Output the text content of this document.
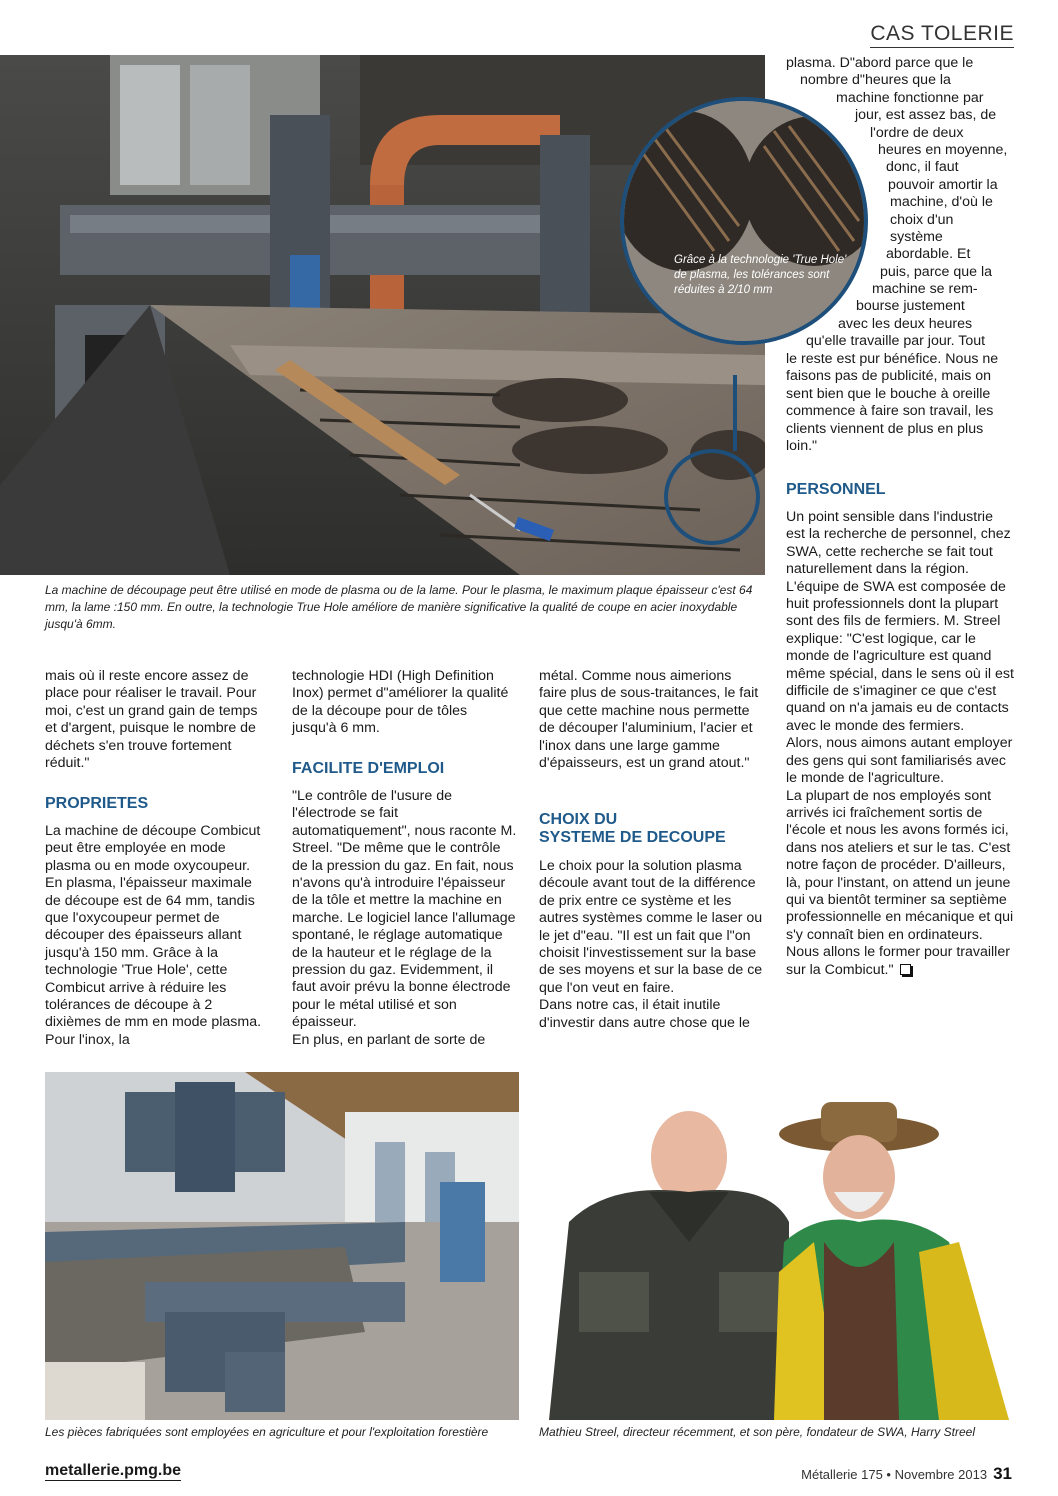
CAS TOLERIE
Grâce à la technologie 'True Hole'
de plasma, les tolérances sont
réduites à 2/10 mm
La machine de découpage peut être utilisé en mode de plasma ou de la lame. Pour le plasma, le maximum plaque épaisseur c'est 64 mm, la lame :150 mm. En outre, la technologie True Hole améliore de manière significative la qualité de coupe en acier inoxydable jusqu'à 6mm.

mais où il reste encore assez de place pour réaliser le travail. Pour moi, c'est un grand gain de temps et d'argent, puisque le nombre de déchets s'en trouve fortement réduit."

PROPRIETES

La machine de découpe Combicut peut être employée en mode plasma ou en mode oxycoupeur. En plasma, l'épaisseur maximale de découpe est de 64 mm, tandis que l'oxycoupeur permet de découper des épaisseurs allant jusqu'à 150 mm. Grâce à la technologie 'True Hole', cette Combicut arrive à réduire les tolérances de découpe à 2 dixièmes de mm en mode plasma. Pour l'inox, la

technologie HDI (High Definition Inox) permet d"améliorer la qualité de la découpe pour de tôles jusqu'à 6 mm.

FACILITE D'EMPLOI

"Le contrôle de l'usure de l'électrode se fait automatiquement", nous raconte M. Streel. "De même que le contrôle de la pression du gaz. En fait, nous n'avons qu'à introduire l'épaisseur de la tôle et mettre la machine en marche. Le logiciel lance l'allumage spontané, le réglage automatique de la hauteur et le réglage de la pression du gaz. Evidemment, il faut avoir prévu la bonne électrode pour le métal utilisé et son épaisseur.

En plus, en parlant de sorte de

métal. Comme nous aimerions faire plus de sous-traitances, le fait que cette machine nous permette de découper l'aluminium, l'acier et l'inox dans une large gamme d'épaisseurs, est un grand atout."

CHOIX DU
SYSTEME DE DECOUPE

Le choix pour la solution plasma découle avant tout de la différence de prix entre ce système et les autres systèmes comme le laser ou le jet d"eau. "Il est un fait que l"on choisit l'investissement sur la base de ses moyens et sur la base de ce que l'on veut en faire.

Dans notre cas, il était inutile d'investir dans autre chose que le

plasma. D"abord parce que le
nombre d"heures que la
machine fonctionne par
jour, est assez bas, de
l'ordre de deux
heures en moyenne,
donc, il faut
pouvoir amortir la
machine, d'où le
choix d'un
système
abordable. Et
puis, parce que la
machine se rem-
bourse justement
avec les deux heures
qu'elle travaille par jour. Tout

le reste est pur bénéfice. Nous ne faisons pas de publicité, mais on sent bien que le bouche à oreille commence à faire son travail, les clients viennent de plus en plus loin."

PERSONNEL

Un point sensible dans l'industrie est la recherche de personnel, chez SWA, cette recherche se fait tout naturellement dans la région. L'équipe de SWA est composée de huit professionnels dont la plupart sont des fils de fermiers. M. Streel explique: "C'est logique, car le monde de l'agriculture est quand même spécial, dans le sens où il est difficile de s'imaginer ce que c'est quand on n'a jamais eu de contacts avec le monde des fermiers.

Alors, nous aimons autant employer des gens qui sont familiarisés avec le monde de l'agriculture.

La plupart de nos employés sont arrivés ici fraîchement sortis de l'école et nous les avons formés ici, dans nos ateliers et sur le tas. C'est notre façon de procéder. D'ailleurs, là, pour l'instant, on attend un jeune qui va bientôt terminer sa septième professionnelle en mécanique et qui s'y connaît bien en ordinateurs. Nous allons le former pour travailler sur la Combicut."

Les pièces fabriquées sont employées en agriculture et pour l'exploitation forestière	Mathieu Streel, directeur récemment, et son père, fondateur de SWA, Harry Streel
metallerie.pmg.be	Métallerie 175 • Novembre 2013 31
